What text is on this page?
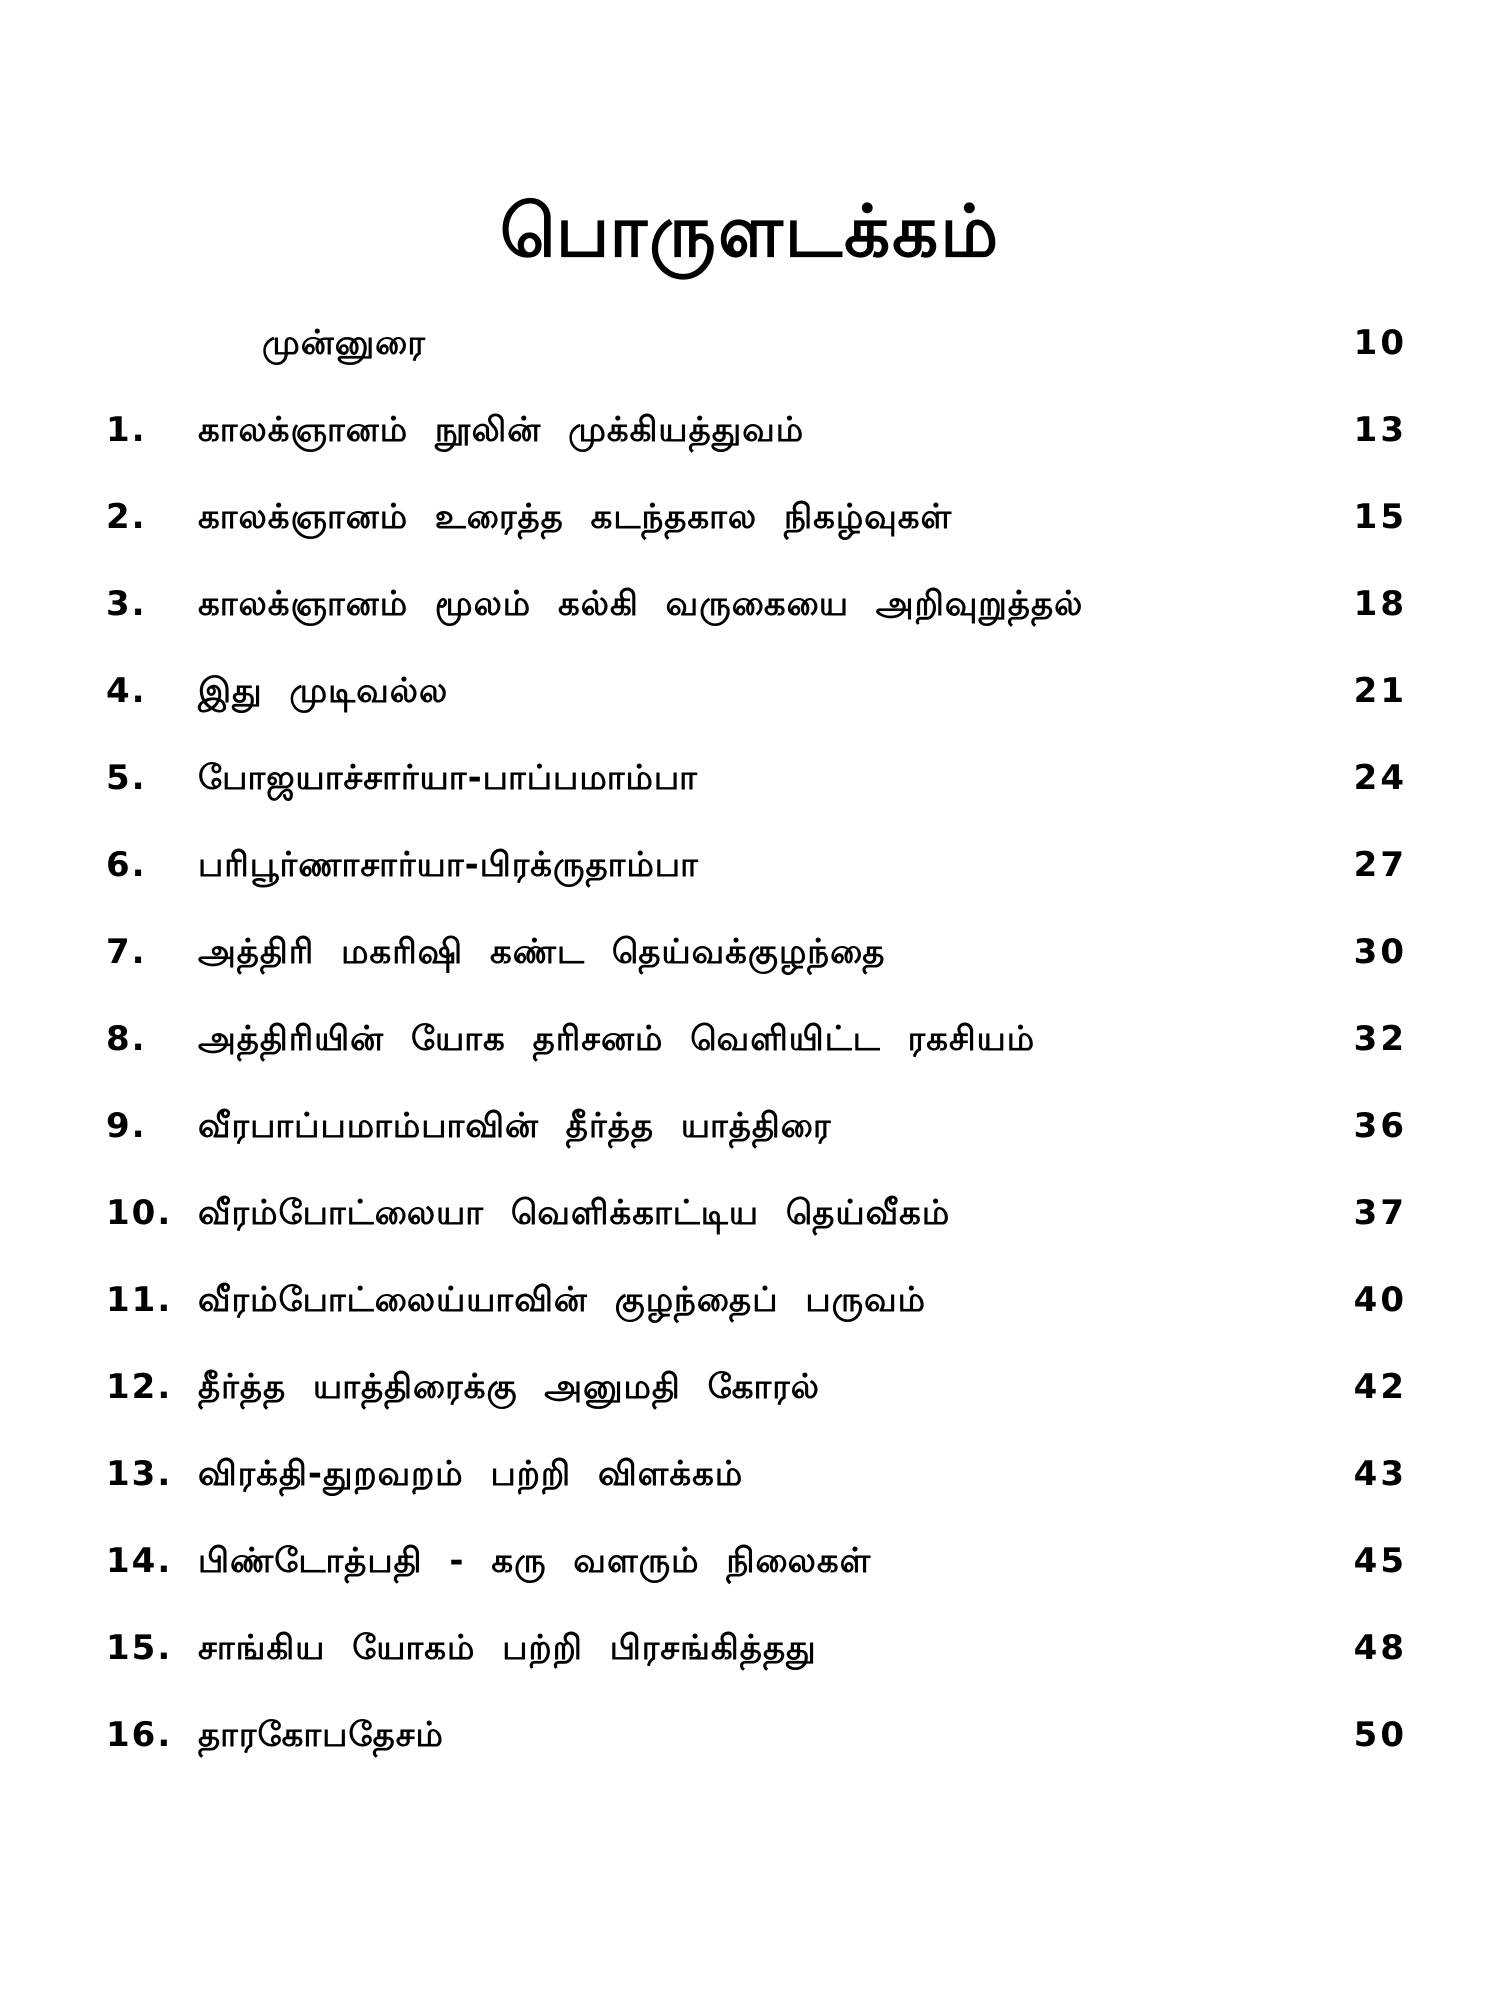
பொருளடக்கம்
முன்னுரை	10
1. காலக்ஞானம் நூலின் முக்கியத்துவம்	13
2. காலக்ஞானம் உரைத்த கடந்தகால நிகழ்வுகள்	15
3. காலக்ஞானம் மூலம் கல்கி வருகையை அறிவுறுத்தல்	18
4. இது முடிவல்ல	21
5. போஜயாச்சார்யா-பாப்பமாம்பா	24
6. பரிபூர்ணாசார்யா-பிரக்ருதாம்பா	27
7. அத்திரி மகரிஷி கண்ட தெய்வக்குழந்தை	30
8. அத்திரியின் யோக தரிசனம் வெளியிட்ட ரகசியம்	32
9. வீரபாப்பமாம்பாவின் தீர்த்த யாத்திரை	36
10. வீரம்போட்லையா வெளிக்காட்டிய தெய்வீகம்	37
11. வீரம்போட்லைய்யாவின் குழந்தைப் பருவம்	40
12. தீர்த்த யாத்திரைக்கு அனுமதி கோரல்	42
13. விரக்தி-துறவறம் பற்றி விளக்கம்	43
14. பிண்டோத்பதி - கரு வளரும் நிலைகள்	45
15. சாங்கிய யோகம் பற்றி பிரசங்கித்தது	48
16. தாரகோபதேசம்	50
